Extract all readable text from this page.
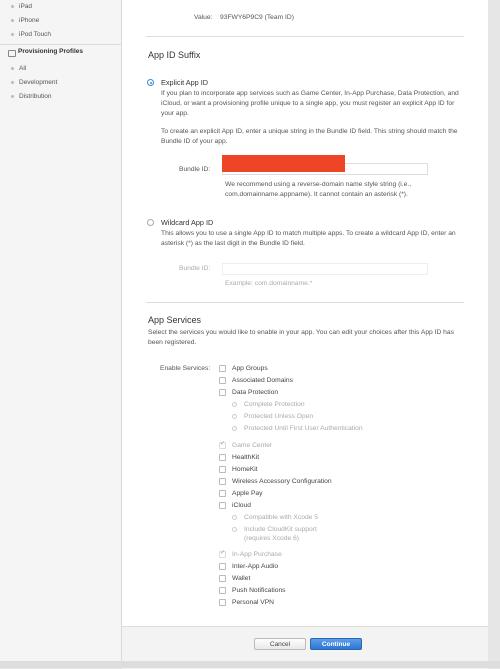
iPad
iPhone
iPod Touch
Provisioning Profiles
All
Development
Distribution
Value: 93FWY6P9C9 (Team ID)
App ID Suffix
Explicit App ID
If you plan to incorporate app services such as Game Center, In-App Purchase, Data Protection, and iCloud, or want a provisioning profile unique to a single app, you must register an explicit App ID for your app.
To create an explicit App ID, enter a unique string in the Bundle ID field. This string should match the Bundle ID of your app.
Bundle ID:
We recommend using a reverse-domain name style string (i.e., com.domainname.appname). It cannot contain an asterisk (*).
Wildcard App ID
This allows you to use a single App ID to match multiple apps. To create a wildcard App ID, enter an asterisk (*) as the last digit in the Bundle ID field.
Bundle ID:
Example: com.domainname.*
App Services
Select the services you would like to enable in your app. You can edit your choices after this App ID has been registered.
Enable Services:	App Groups
Associated Domains
Data Protection
Complete Protection
Protected Unless Open
Protected Until First User Authentication
✓
Game Center
HealthKit
HomeKit
Wireless Accessory Configuration
Apple Pay
iCloud
Compatible with Xcode 5
Include CloudKit support
(requires Xcode 6)
✓
In-App Purchase
Inter-App Audio
Wallet
Push Notifications
Personal VPN
Cancel	Continue
